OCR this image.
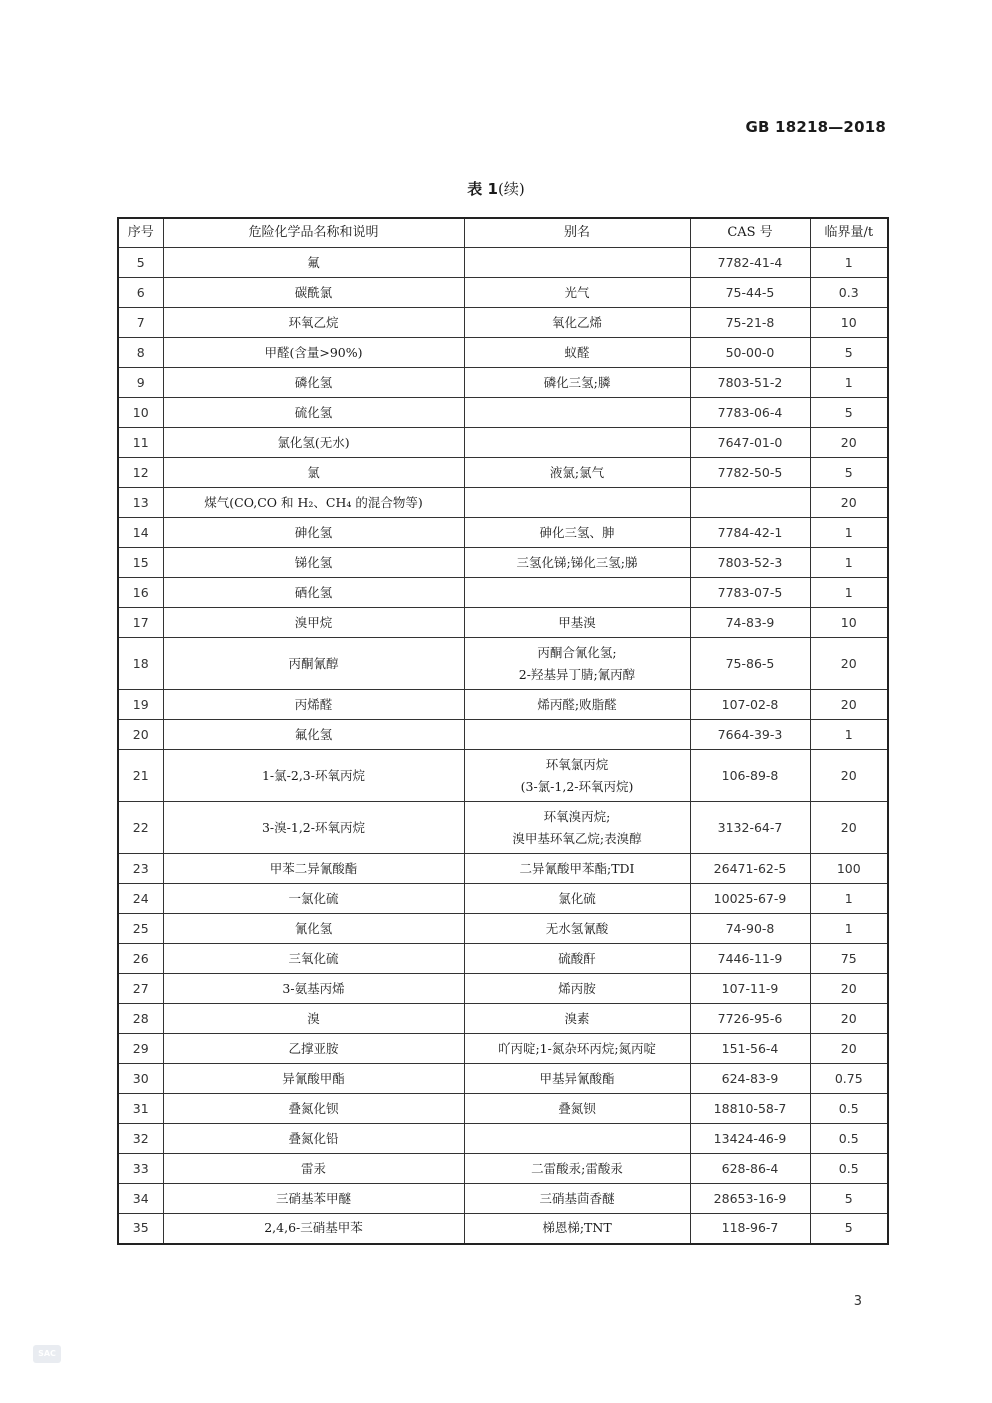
GB 18218—2018
表 1(续)
序号	危险化学品名称和说明	别名	CAS 号	临界量/t
5	氟		7782-41-4	1
6	碳酰氯	光气	75-44-5	0.3
7	环氧乙烷	氧化乙烯	75-21-8	10
8	甲醛(含量>90%)	蚁醛	50-00-0	5
9	磷化氢	磷化三氢;膦	7803-51-2	1
10	硫化氢		7783-06-4	5
11	氯化氢(无水)		7647-01-0	20
12	氯	液氯;氯气	7782-50-5	5
13	煤气(CO,CO 和 H₂、CH₄ 的混合物等)			20
14	砷化氢	砷化三氢、胂	7784-42-1	1
15	锑化氢	三氢化锑;锑化三氢;䏲	7803-52-3	1
16	硒化氢		7783-07-5	1
17	溴甲烷	甲基溴	74-83-9	10
18	丙酮氰醇	丙酮合氰化氢;
2-羟基异丁腈;氰丙醇	75-86-5	20
19	丙烯醛	烯丙醛;败脂醛	107-02-8	20
20	氟化氢		7664-39-3	1
21	1-氯-2,3-环氧丙烷	环氧氯丙烷
(3-氯-1,2-环氧丙烷)	106-89-8	20
22	3-溴-1,2-环氧丙烷	环氧溴丙烷;
溴甲基环氧乙烷;表溴醇	3132-64-7	20
23	甲苯二异氰酸酯	二异氰酸甲苯酯;TDI	26471-62-5	100
24	一氯化硫	氯化硫	10025-67-9	1
25	氰化氢	无水氢氰酸	74-90-8	1
26	三氧化硫	硫酸酐	7446-11-9	75
27	3-氨基丙烯	烯丙胺	107-11-9	20
28	溴	溴素	7726-95-6	20
29	乙撑亚胺	吖丙啶;1-氮杂环丙烷;氮丙啶	151-56-4	20
30	异氰酸甲酯	甲基异氰酸酯	624-83-9	0.75
31	叠氮化钡	叠氮钡	18810-58-7	0.5
32	叠氮化铅		13424-46-9	0.5
33	雷汞	二雷酸汞;雷酸汞	628-86-4	0.5
34	三硝基苯甲醚	三硝基茴香醚	28653-16-9	5
35	2,4,6-三硝基甲苯	梯恩梯;TNT	118-96-7	5
3
SAC
